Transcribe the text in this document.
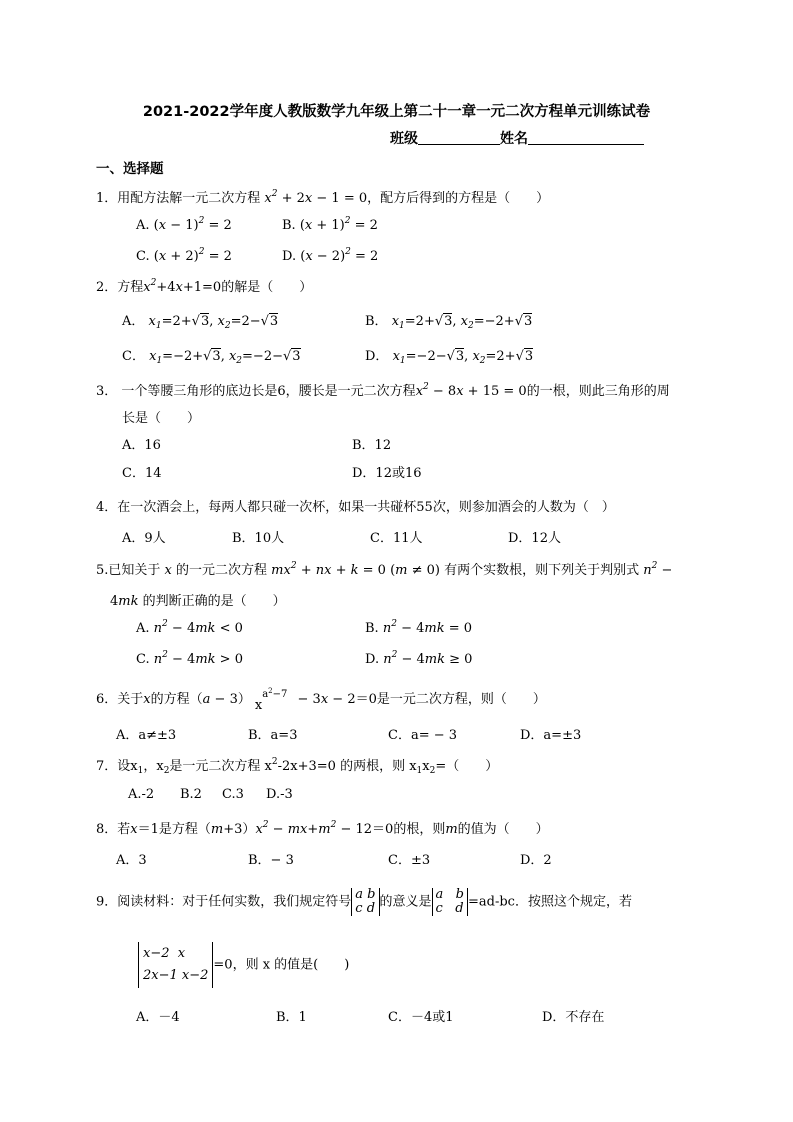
2021-2022学年度人教版数学九年级上第二十一章一元二次方程单元训练试卷
班级	姓名
一、选择题
1．用配方法解一元二次方程 $x^2 + 2x - 1 = 0$，配方后得到的方程是（　　）
A. $(x - 1)^2 = 2$	B. $(x + 1)^2 = 2$
C. $(x + 2)^2 = 2$	D. $(x - 2)^2 = 2$
2．方程$x^2+4x+1=0$的解是（　　）
A． $x_1=2+√3$, $x_2=2-√3$	B． $x_1=2+√3$, $x_2=-2+√3$
C． $x_1=-2+√3$, $x_2=-2-√3$	D． $x_1=-2-√3$, $x_2=2+√3$
3． 一个等腰三角形的底边长是6，腰长是一元二次方程$x^2 - 8x + 15 = 0$的一根，则此三角形的周
长是（　　）
A．16	B．12
C．14	D．12或16
4．在一次酒会上，每两人都只碰一次杯，如果一共碰杯55次，则参加酒会的人数为（　）
A．9人	B．10人	C．11人	D．12人
5.已知关于 x 的一元二次方程 $mx^2$ + nx + k = 0 (m ≠ 0) 有两个实数根，则下列关于判别式 $n^2$ −
4mk 的判断正确的是（　　）
A. $n^2 - 4mk < 0$	B. $n^2 - 4mk = 0$
C. $n^2 - 4mk > 0$	D. $n^2 - 4mk \ge 0$
6．关于x的方程（a − 3） $x^{a^2-7} - 3x - 2=0$是一元二次方程，则（　　）
A．a≠±3	B．a=3	C．a= − 3	D．a=±3
7．设$x_1$，$x_2$是一元二次方程 $x^2-2x+3=0$ 的两根，则 $x_1x_2=$（　　）
A.-2 B.2 C.3 D.-3
8．若x＝1是方程$(m+3)x^2 - mx+m^2 - 12=0$的根，则m的值为（　　）
A．3	B．− 3	C．±3	D．2
9．阅读材料：对于任何实数，我们规定符号 a b
c d 的意义是 a   b
c   d =ad-bc．按照这个规定，若
x−2  x
2x−1 x−2
=0，则 x 的值是(　　)
A．－4	B．1	C．－4或1	D．不存在
